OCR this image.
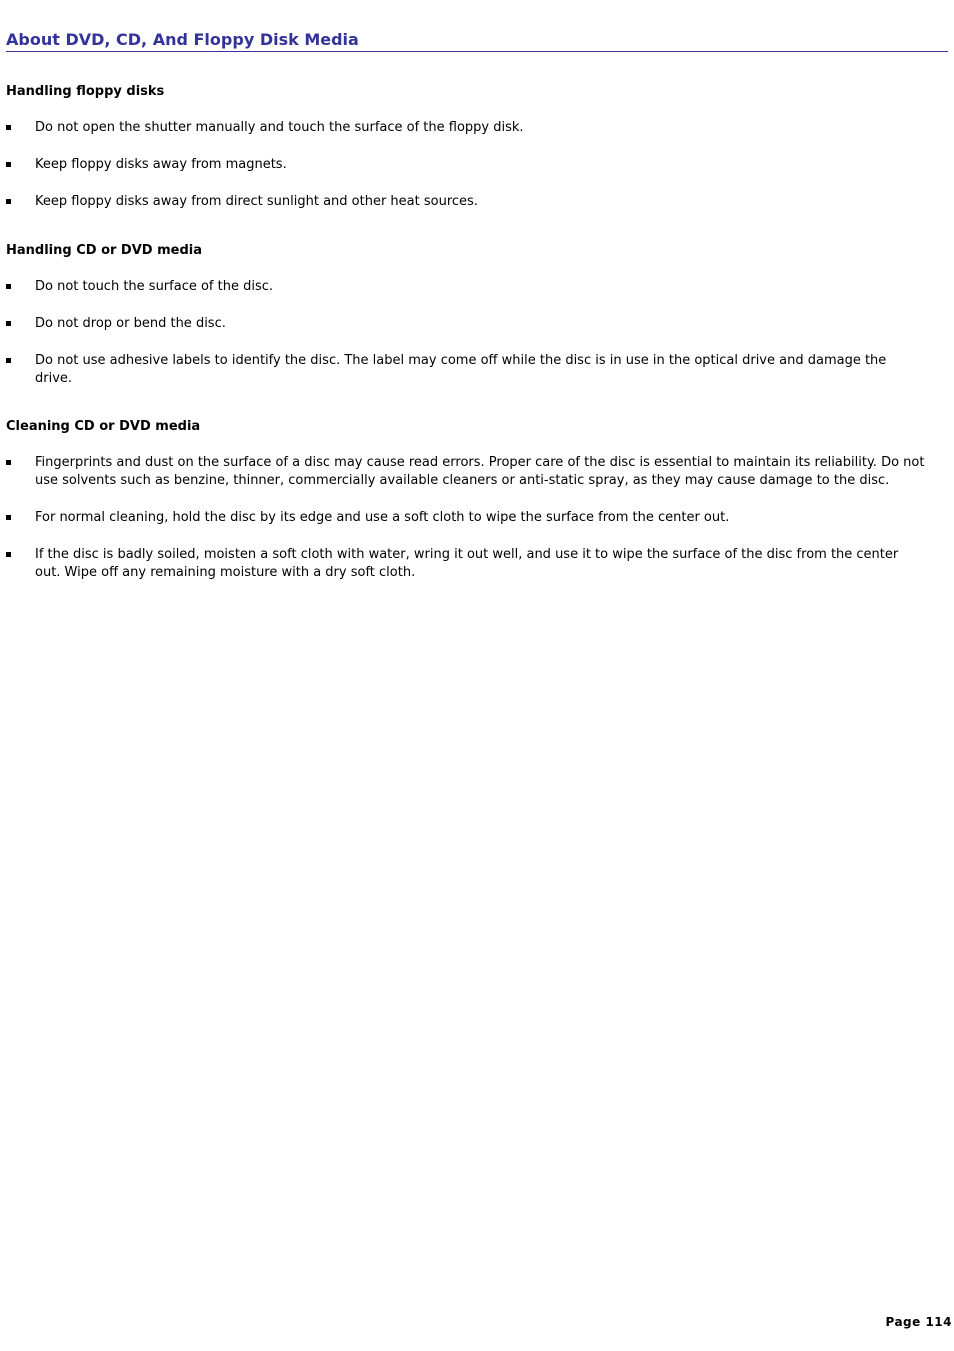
About DVD, CD, And Floppy Disk Media
Handling floppy disks
Do not open the shutter manually and touch the surface of the floppy disk.
Keep floppy disks away from magnets.
Keep floppy disks away from direct sunlight and other heat sources.
Handling CD or DVD media
Do not touch the surface of the disc.
Do not drop or bend the disc.
Do not use adhesive labels to identify the disc. The label may come off while the disc is in use in the optical drive and damage the drive.
Cleaning CD or DVD media
Fingerprints and dust on the surface of a disc may cause read errors. Proper care of the disc is essential to maintain its reliability. Do not use solvents such as benzine, thinner, commercially available cleaners or anti-static spray, as they may cause damage to the disc.
For normal cleaning, hold the disc by its edge and use a soft cloth to wipe the surface from the center out.
If the disc is badly soiled, moisten a soft cloth with water, wring it out well, and use it to wipe the surface of the disc from the center out. Wipe off any remaining moisture with a dry soft cloth.
Page 114
